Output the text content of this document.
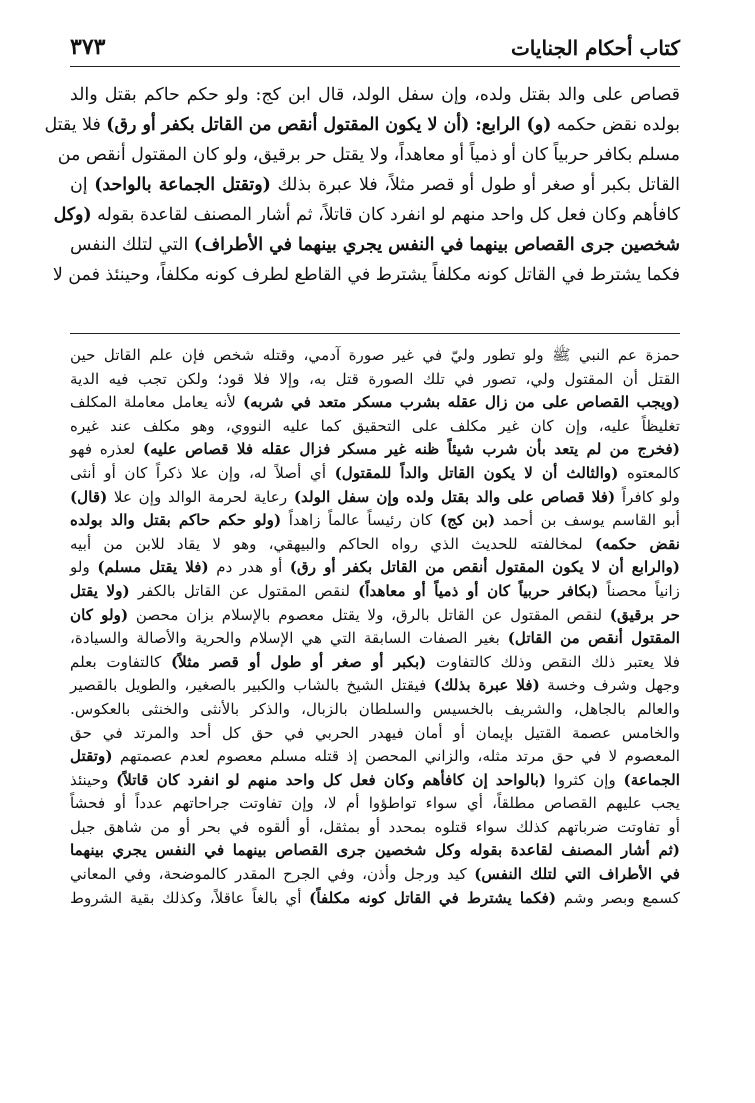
كتاب أحكام الجنايات
٣٧٣
قصاص على والد بقتل ولده، وإن سفل الولد، قال ابن كج: ولو حكم حاكم بقتل والد
بولده نقض حكمه (و) الرابع: (أن لا يكون المقتول أنقص من القاتل بكفر أو رق) فلا يقتل
مسلم بكافر حربياً كان أو ذمياً أو معاهداً، ولا يقتل حر برقيق، ولو كان المقتول أنقص من
القاتل بكبر أو صغر أو طول أو قصر مثلاً، فلا عبرة بذلك (وتقتل الجماعة بالواحد) إن
كافأهم وكان فعل كل واحد منهم لو انفرد كان قاتلاً، ثم أشار المصنف لقاعدة بقوله (وكل
شخصين جرى القصاص بينهما في النفس يجري بينهما في الأطراف) التي لتلك النفس
فكما يشترط في القاتل كونه مكلفاً يشترط في القاطع لطرف كونه مكلفاً، وحينئذ فمن لا
حمزة عم النبي ﷺ ولو تطور وليّ في غير صورة آدمي، وقتله شخص فإن علم القاتل حين
القتل أن المقتول ولي، تصور في تلك الصورة قتل به، وإلا فلا قود؛ ولكن تجب فيه الدية
(ويجب القصاص على من زال عقله بشرب مسكر متعد في شربه) لأنه يعامل معاملة المكلف
تغليظاً عليه، وإن كان غير مكلف على التحقيق كما عليه النووي، وهو مكلف عند غيره
(فخرج من لم يتعد بأن شرب شيئاً ظنه غير مسكر فزال عقله فلا قصاص عليه) لعذره فهو
كالمعتوه (والثالث أن لا يكون القاتل والداً للمقتول) أي أصلاً له، وإن علا ذكراً كان أو أنثى
ولو كافراً (فلا قصاص على والد بقتل ولده وإن سفل الولد) رعاية لحرمة الوالد وإن علا (قال)
أبو القاسم يوسف بن أحمد (بن كج) كان رئيساً عالماً زاهداً (ولو حكم حاكم بقتل والد بولده
نقض حكمه) لمخالفته للحديث الذي رواه الحاكم والبيهقي، وهو لا يقاد للابن من أبيه
(والرابع أن لا يكون المقتول أنقص من القاتل بكفر أو رق) أو هدر دم (فلا يقتل مسلم) ولو
زانياً محصناً (بكافر حربياً كان أو ذمياً أو معاهداً) لنقص المقتول عن القاتل بالكفر (ولا يقتل
حر برقيق) لنقص المقتول عن القاتل بالرق، ولا يقتل معصوم بالإسلام بزان محصن (ولو كان
المقتول أنقص من القاتل) بغير الصفات السابقة التي هي الإسلام والحرية والأصالة والسيادة،
فلا يعتبر ذلك النقص وذلك كالتفاوت (بكبر أو صغر أو طول أو قصر مثلاً) كالتفاوت بعلم
وجهل وشرف وخسة (فلا عبرة بذلك) فيقتل الشيخ بالشاب والكبير بالصغير، والطويل بالقصير
والعالم بالجاهل، والشريف بالخسيس والسلطان بالزبال، والذكر بالأنثى والخنثى بالعكوس.
والخامس عصمة القتيل بإيمان أو أمان فيهدر الحربي في حق كل أحد والمرتد في حق
المعصوم لا في حق مرتد مثله، والزاني المحصن إذ قتله مسلم معصوم لعدم عصمتهم (وتقتل
الجماعة) وإن كثروا (بالواحد إن كافأهم وكان فعل كل واحد منهم لو انفرد كان قاتلاً) وحينئذ
يجب عليهم القصاص مطلقاً، أي سواء تواطؤوا أم لا، وإن تفاوتت جراحاتهم عدداً أو فحشاً
أو تفاوتت ضرباتهم كذلك سواء قتلوه بمحدد أو بمثقل، أو ألقوه في بحر أو من شاهق جبل
(ثم أشار المصنف لقاعدة بقوله وكل شخصين جرى القصاص بينهما في النفس يجري بينهما
في الأطراف التي لتلك النفس) كيد ورجل وأذن، وفي الجرح المقدر كالموضحة، وفي المعاني
كسمع وبصر وشم (فكما يشترط في القاتل كونه مكلفاً) أي بالغاً عاقلاً، وكذلك بقية الشروط
